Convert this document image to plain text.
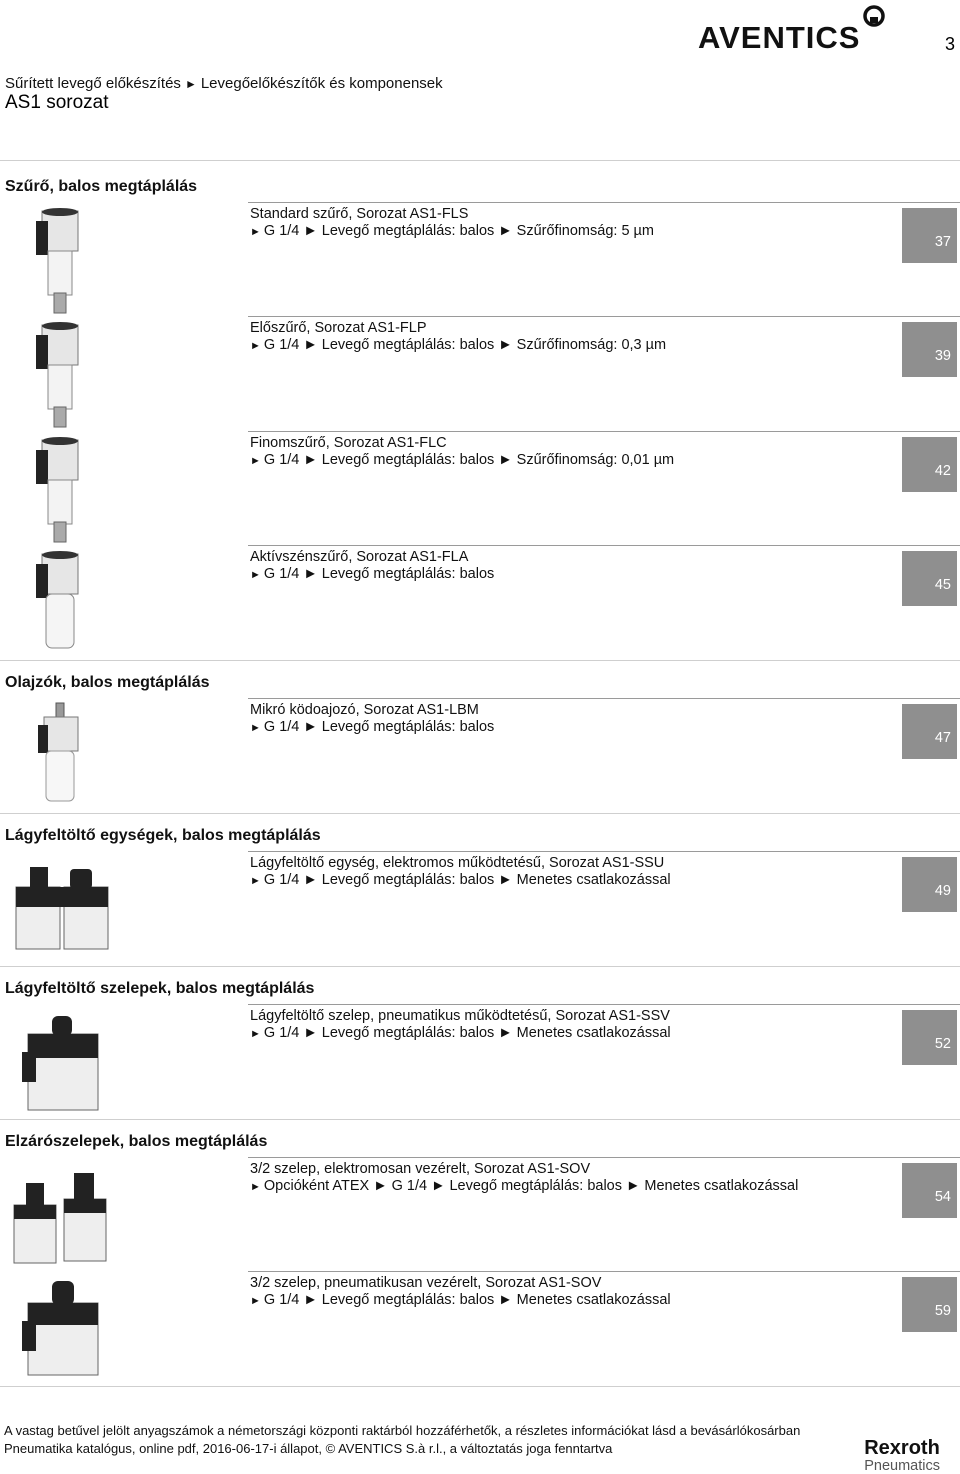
3
AVENTICS
Sűrített levegő előkészítés ► Levegőelőkészítők és komponensek
AS1 sorozat
Szűrő, balos megtáplálás
Standard szűrő, Sorozat AS1-FLS
► G 1/4 ► Levegő megtáplálás: balos ► Szűrőfinomság: 5 µm
37
Előszűrő, Sorozat AS1-FLP
► G 1/4 ► Levegő megtáplálás: balos ► Szűrőfinomság: 0,3 µm
39
Finomszűrő, Sorozat AS1-FLC
► G 1/4 ► Levegő megtáplálás: balos ► Szűrőfinomság: 0,01 µm
42
Aktívszénszűrő, Sorozat AS1-FLA
► G 1/4 ► Levegő megtáplálás: balos
45
Olajzók, balos megtáplálás
Mikró ködoajozó, Sorozat AS1-LBM
► G 1/4 ► Levegő megtáplálás: balos
47
Lágyfeltöltő egységek, balos megtáplálás
Lágyfeltöltő egység, elektromos működtetésű, Sorozat AS1-SSU
► G 1/4 ► Levegő megtáplálás: balos ► Menetes csatlakozással
49
Lágyfeltöltő szelepek, balos megtáplálás
Lágyfeltöltő szelep, pneumatikus működtetésű, Sorozat AS1-SSV
► G 1/4 ► Levegő megtáplálás: balos ► Menetes csatlakozással
52
Elzárószelepek, balos megtáplálás
3/2 szelep, elektromosan vezérelt, Sorozat AS1-SOV
► Opcióként ATEX ► G 1/4 ► Levegő megtáplálás: balos ► Menetes csatlakozással
54
3/2 szelep, pneumatikusan vezérelt, Sorozat AS1-SOV
► G 1/4 ► Levegő megtáplálás: balos ► Menetes csatlakozással
59
A vastag betűvel jelölt anyagszámok a németországi központi raktárból hozzáférhetők, a részletes információkat lásd a bevásárlókosárban
Pneumatika katalógus, online pdf, 2016-06-17-i állapot, © AVENTICS S.à r.l., a változtatás joga fenntartva	Rexroth
Pneumatics
